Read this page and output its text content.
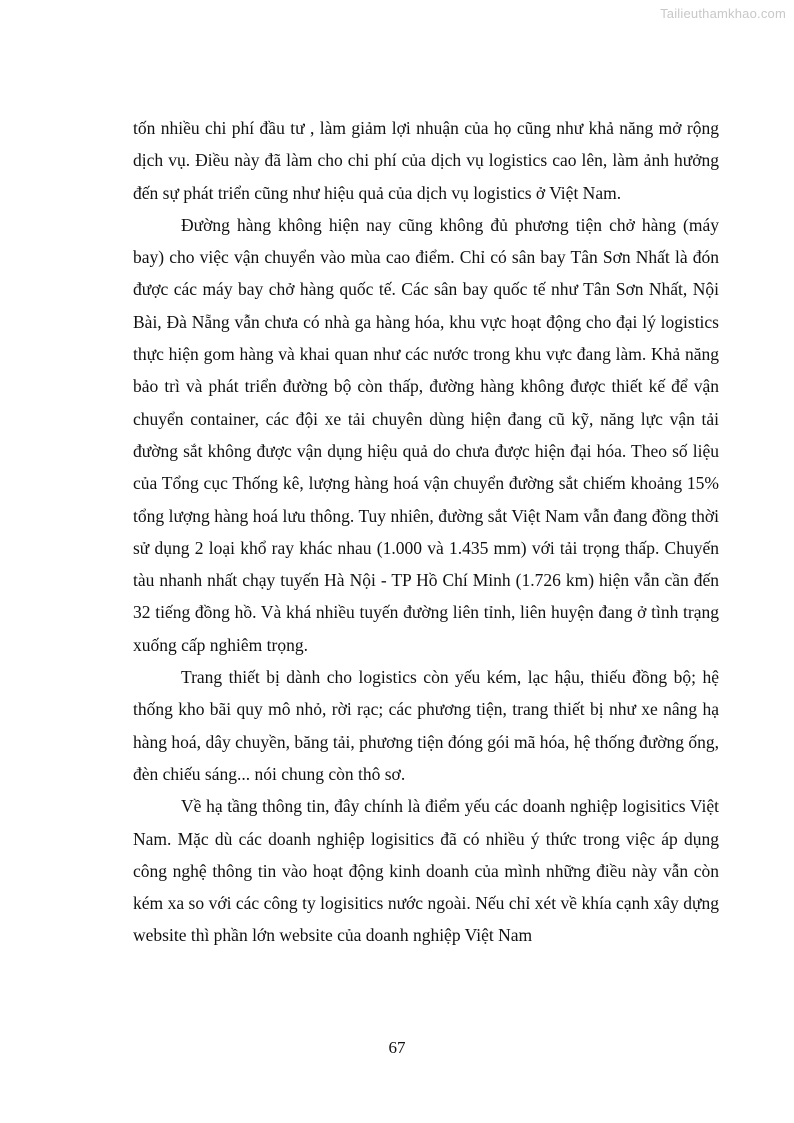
Tailieuthamkhao.com

tốn nhiều chi phí đầu tư , làm giảm lợi nhuận của họ cũng như khả năng mở rộng dịch vụ. Điều này đã làm cho chi phí của dịch vụ logistics cao lên, làm ảnh hưởng đến sự phát triển cũng như hiệu quả của dịch vụ logistics ở Việt Nam.

Đường hàng không hiện nay cũng không đủ phương tiện chở hàng (máy bay) cho việc vận chuyển vào mùa cao điểm. Chỉ có sân bay Tân Sơn Nhất là đón được các máy bay chở hàng quốc tế. Các sân bay quốc tế như Tân Sơn Nhất, Nội Bài, Đà Nẵng vẫn chưa có nhà ga hàng hóa, khu vực hoạt động cho đại lý logistics thực hiện gom hàng và khai quan như các nước trong khu vực đang làm. Khả năng bảo trì và phát triển đường bộ còn thấp, đường hàng không được thiết kế để vận chuyển container, các đội xe tải chuyên dùng hiện đang cũ kỹ, năng lực vận tải đường sắt không được vận dụng hiệu quả do chưa được hiện đại hóa. Theo số liệu của Tổng cục Thống kê, lượng hàng hoá vận chuyển đường sắt chiếm khoảng 15% tổng lượng hàng hoá lưu thông. Tuy nhiên, đường sắt Việt Nam vẫn đang đồng thời sử dụng 2 loại khổ ray khác nhau (1.000 và 1.435 mm) với tải trọng thấp. Chuyến tàu nhanh nhất chạy tuyến Hà Nội - TP Hồ Chí Minh (1.726 km) hiện vẫn cần đến 32 tiếng đồng hồ. Và khá nhiều tuyến đường liên tỉnh, liên huyện đang ở tình trạng xuống cấp nghiêm trọng.

Trang thiết bị dành cho logistics còn yếu kém, lạc hậu, thiếu đồng bộ; hệ thống kho bãi quy mô nhỏ, rời rạc; các phương tiện, trang thiết bị như xe nâng hạ hàng hoá, dây chuyền, băng tải, phương tiện đóng gói mã hóa, hệ thống đường ống, đèn chiếu sáng... nói chung còn thô sơ.

Về hạ tầng thông tin, đây chính là điểm yếu các doanh nghiệp logisitics Việt Nam. Mặc dù các doanh nghiệp logisitics đã có nhiều ý thức trong việc áp dụng công nghệ thông tin vào hoạt động kinh doanh của mình những điều này vẫn còn kém xa so với các công ty logisitics nước ngoài. Nếu chỉ xét về khía cạnh xây dựng website thì phần lớn website của doanh nghiệp Việt Nam

67
